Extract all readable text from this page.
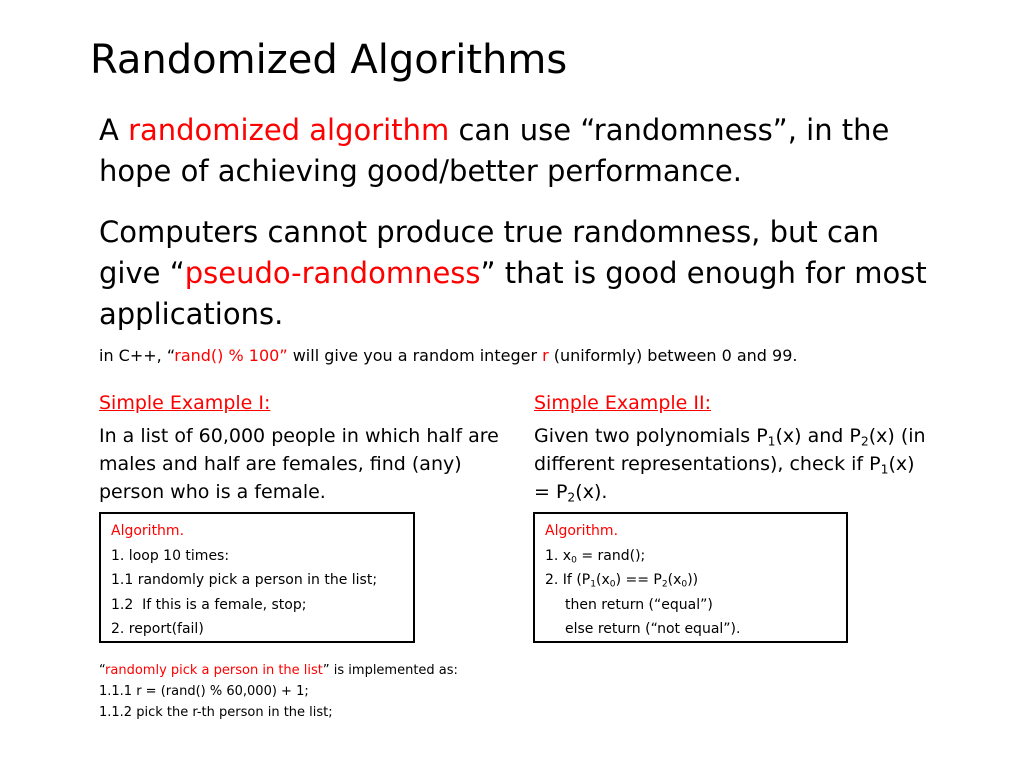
Randomized Algorithms

A randomized algorithm can use “randomness”, in the hope of achieving good/better performance.

Computers cannot produce true randomness, but can give “pseudo-randomness” that is good enough for most applications.

in C++, “rand() % 100” will give you a random integer r (uniformly) between 0 and 99.

Simple Example I:

In a list of 60,000 people in which half are males and half are females, find (any) person who is a female.

Simple Example II:

Given two polynomials $P_1(x)$ and $P_2(x)$ (in different representations), check if $P_1(x) = P_2(x)$.

Algorithm.
1. loop 10 times:
1.1 randomly pick a person in the list;
1.2  If this is a female, stop;
2. report(fail)
Algorithm.
1. $x_0$ = rand();
2. If $(P_1(x_0) == P_2(x_0))$
then return (“equal”)
else return (“not equal”).
“randomly pick a person in the list” is implemented as:
1.1.1 r = (rand() % 60,000) + 1;
1.1.2 pick the r-th person in the list;
